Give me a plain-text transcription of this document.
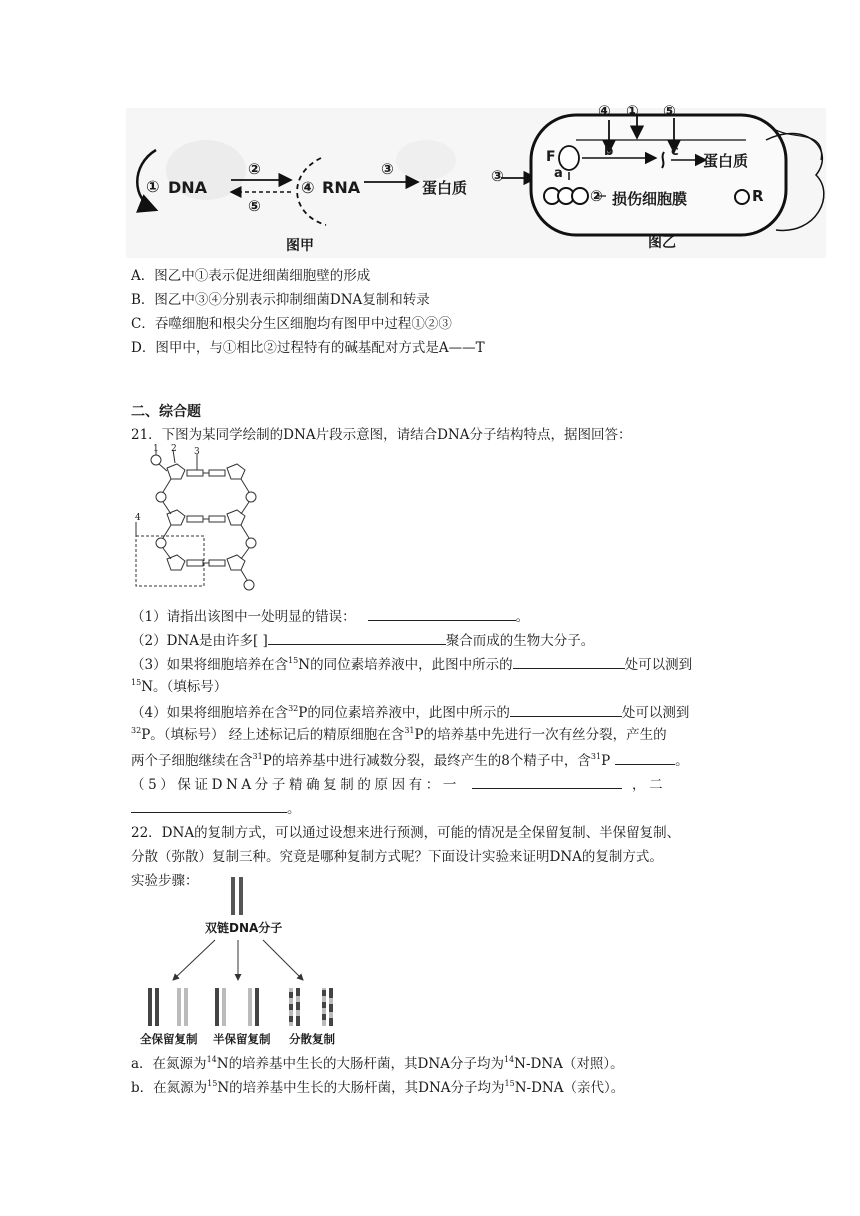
① DNA
②
⑤
④ RNA
③
蛋白质
图甲
④ ① ⑤
③
F
a
b	c
蛋白质
② 损伤细胞膜	R
图乙
A．图乙中①表示促进细菌细胞壁的形成
B．图乙中③④分别表示抑制细菌DNA复制和转录
C．吞噬细胞和根尖分生区细胞均有图甲中过程①②③
D．图甲中，与①相比②过程特有的碱基配对方式是A——T
二、综合题
21．下图为某同学绘制的DNA片段示意图，请结合DNA分子结构特点，据图回答：
1 2 3
4
（1）请指出该图中一处明显的错误：	。
（2）DNA是由许多[ ]	聚合而成的生物大分子。
（3）如果将细胞培养在含$^{15}$N的同位素培养液中，此图中所示的	处可以测到
$^{15}$N。（填标号）
（4）如果将细胞培养在含$^{32}$P的同位素培养液中，此图中所示的	处可以测到
$^{32}$P。（填标号） 经上述标记后的精原细胞在含$^{31}$P的培养基中先进行一次有丝分裂，产生的
两个子细胞继续在含$^{31}$P的培养基中进行减数分裂，最终产生的8个精子中，含$^{31}$P	。
（5）保证DNA分子精确复制的原因有：一	，二
。
22．DNA的复制方式，可以通过设想来进行预测，可能的情况是全保留复制、半保留复制、
分散（弥散）复制三种。究竟是哪种复制方式呢？下面设计实验来证明DNA的复制方式。
实验步骤：
双链DNA分子
全保留复制 半保留复制 分散复制
a．在氮源为$^{14}$N的培养基中生长的大肠杆菌，其DNA分子均为$^{14}$N-DNA（对照）。
b．在氮源为$^{15}$N的培养基中生长的大肠杆菌，其DNA分子均为$^{15}$N-DNA（亲代）。
